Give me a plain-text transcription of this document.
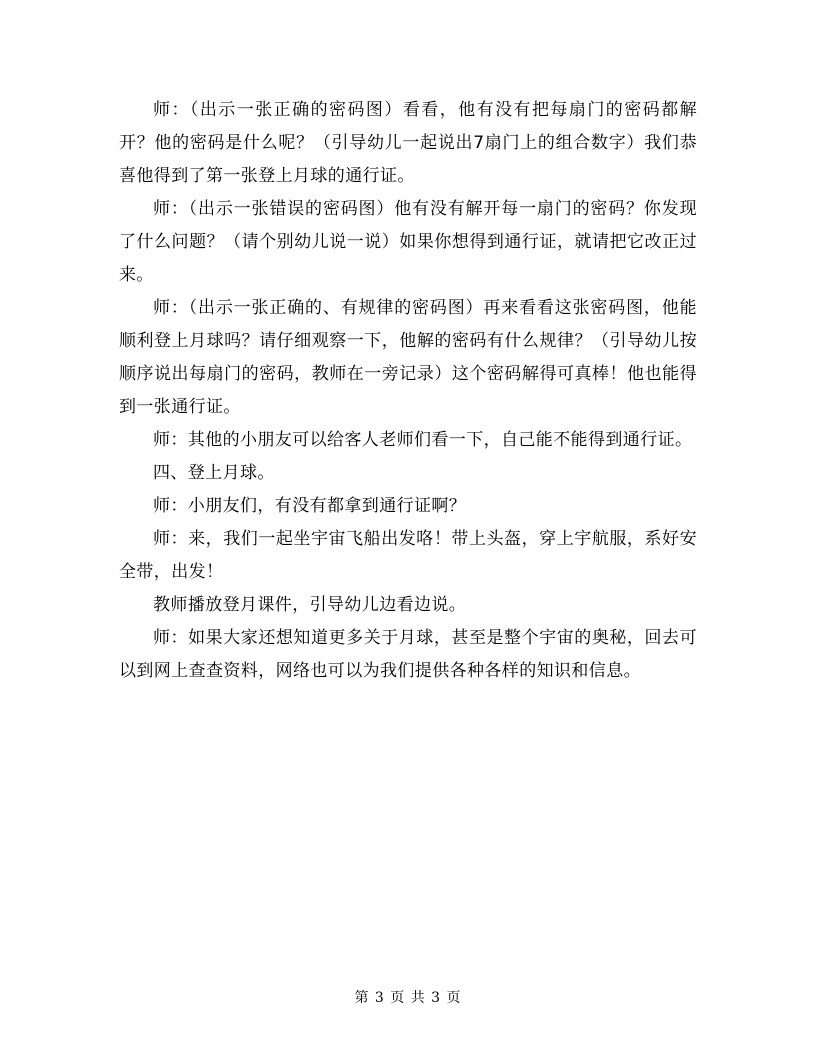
师：（出示一张正确的密码图）看看，他有没有把每扇门的密码都解开？他的密码是什么呢？（引导幼儿一起说出7扇门上的组合数字）我们恭喜他得到了第一张登上月球的通行证。

师：（出示一张错误的密码图）他有没有解开每一扇门的密码？你发现了什么问题？（请个别幼儿说一说）如果你想得到通行证，就请把它改正过来。

师：（出示一张正确的、有规律的密码图）再来看看这张密码图，他能顺利登上月球吗？请仔细观察一下，他解的密码有什么规律？（引导幼儿按顺序说出每扇门的密码，教师在一旁记录）这个密码解得可真棒！他也能得到一张通行证。

师：其他的小朋友可以给客人老师们看一下，自己能不能得到通行证。

四、登上月球。

师：小朋友们，有没有都拿到通行证啊？

师：来，我们一起坐宇宙飞船出发咯！带上头盔，穿上宇航服，系好安全带，出发！

教师播放登月课件，引导幼儿边看边说。

师：如果大家还想知道更多关于月球，甚至是整个宇宙的奥秘，回去可以到网上查查资料，网络也可以为我们提供各种各样的知识和信息。

第 3 页 共 3 页
